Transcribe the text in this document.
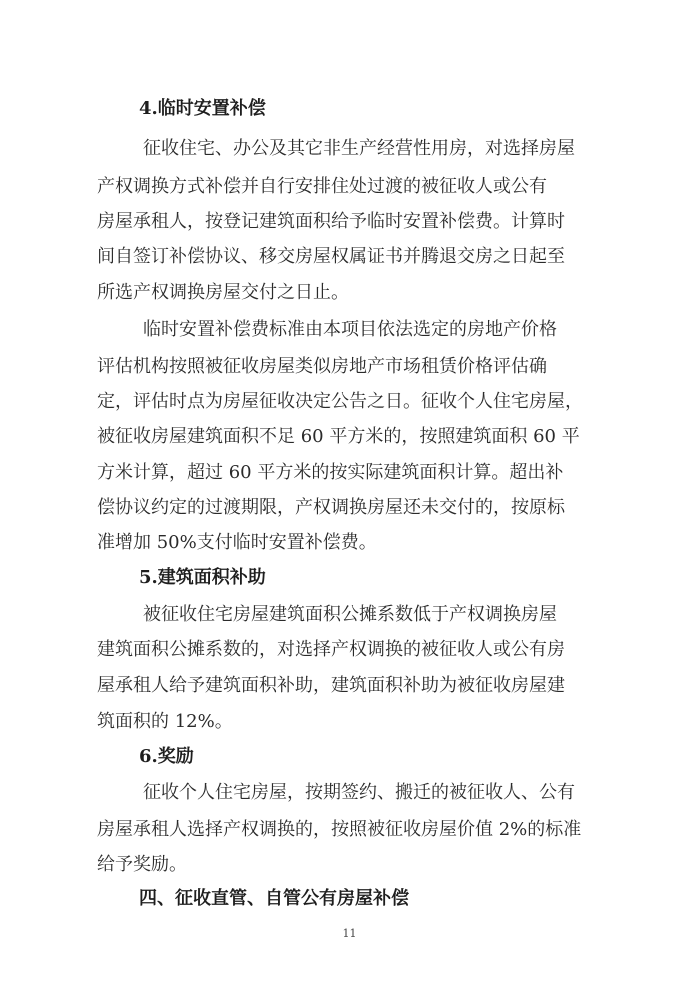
4.临时安置补偿
征收住宅、办公及其它非生产经营性用房，对选择房屋
产权调换方式补偿并自行安排住处过渡的被征收人或公有
房屋承租人，按登记建筑面积给予临时安置补偿费。计算时
间自签订补偿协议、移交房屋权属证书并腾退交房之日起至
所选产权调换房屋交付之日止。
临时安置补偿费标准由本项目依法选定的房地产价格
评估机构按照被征收房屋类似房地产市场租赁价格评估确
定，评估时点为房屋征收决定公告之日。征收个人住宅房屋，
被征收房屋建筑面积不足 60 平方米的，按照建筑面积 60 平
方米计算，超过 60 平方米的按实际建筑面积计算。超出补
偿协议约定的过渡期限，产权调换房屋还未交付的，按原标
准增加 50%支付临时安置补偿费。
5.建筑面积补助
被征收住宅房屋建筑面积公摊系数低于产权调换房屋
建筑面积公摊系数的，对选择产权调换的被征收人或公有房
屋承租人给予建筑面积补助，建筑面积补助为被征收房屋建
筑面积的 12%。
6.奖励
征收个人住宅房屋，按期签约、搬迁的被征收人、公有
房屋承租人选择产权调换的，按照被征收房屋价值 2%的标准
给予奖励。
四、征收直管、自管公有房屋补偿
11
